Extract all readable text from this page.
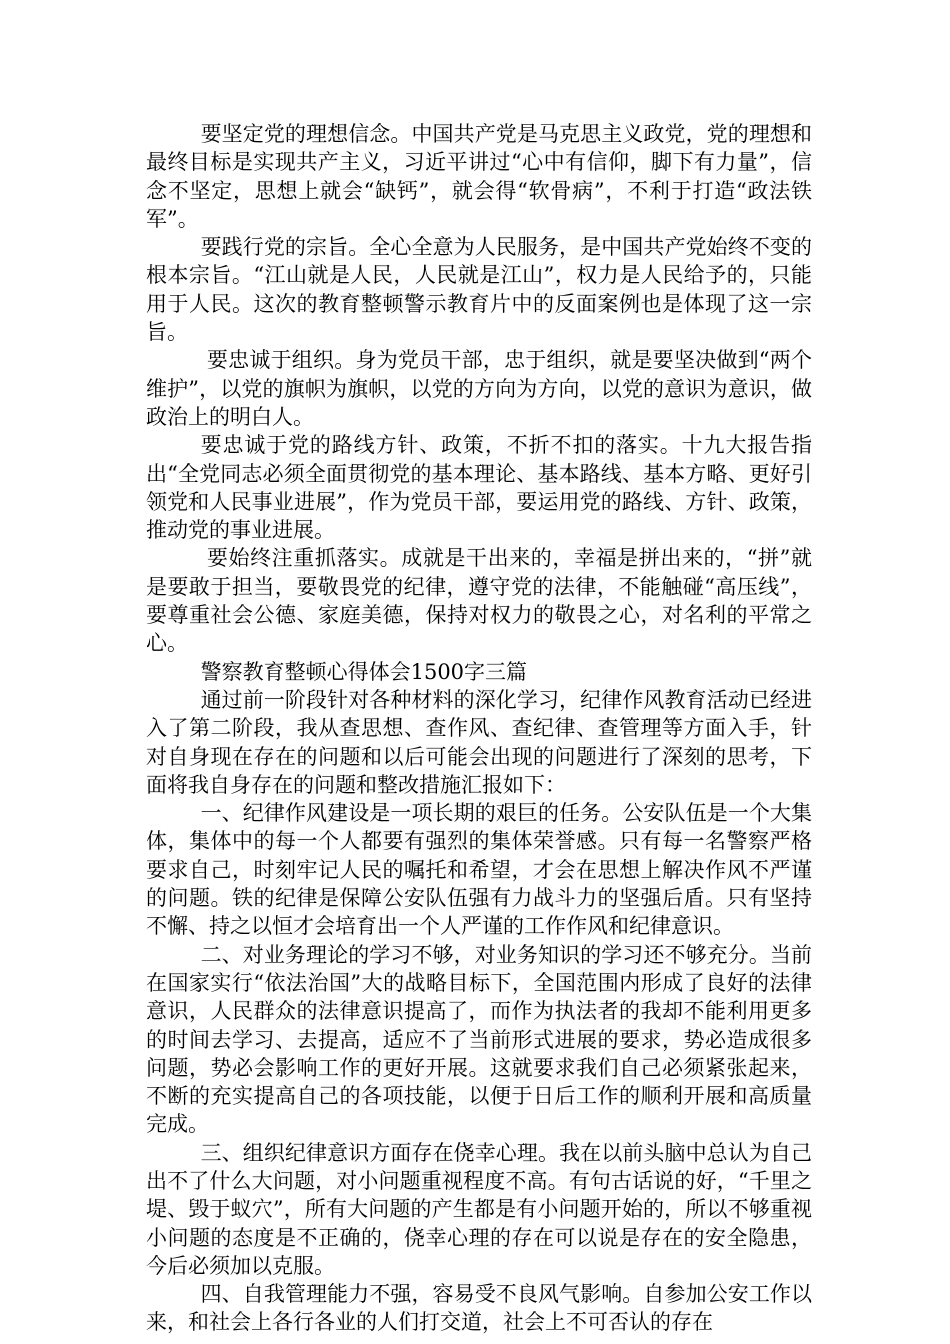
要坚定党的理想信念。中国共产党是马克思主义政党，党的理想和最终目标是实现共产主义，习近平讲过“心中有信仰，脚下有力量”，信念不坚定，思想上就会“缺钙”，就会得“软骨病”，不利于打造“政法铁军”。

要践行党的宗旨。全心全意为人民服务，是中国共产党始终不变的根本宗旨。“江山就是人民，人民就是江山”，权力是人民给予的，只能用于人民。这次的教育整顿警示教育片中的反面案例也是体现了这一宗旨。

要忠诚于组织。身为党员干部，忠于组织，就是要坚决做到“两个维护”，以党的旗帜为旗帜，以党的方向为方向，以党的意识为意识，做政治上的明白人。

要忠诚于党的路线方针、政策，不折不扣的落实。十九大报告指出“全党同志必须全面贯彻党的基本理论、基本路线、基本方略、更好引领党和人民事业进展”，作为党员干部，要运用党的路线、方针、政策，推动党的事业进展。

要始终注重抓落实。成就是干出来的，幸福是拼出来的，“拼”就是要敢于担当，要敬畏党的纪律，遵守党的法律，不能触碰“高压线”，要尊重社会公德、家庭美德，保持对权力的敬畏之心，对名利的平常之心。

警察教育整顿心得体会1500字三篇

通过前一阶段针对各种材料的深化学习，纪律作风教育活动已经进入了第二阶段，我从查思想、查作风、查纪律、查管理等方面入手，针对自身现在存在的问题和以后可能会出现的问题进行了深刻的思考，下面将我自身存在的问题和整改措施汇报如下：

一、纪律作风建设是一项长期的艰巨的任务。公安队伍是一个大集体，集体中的每一个人都要有强烈的集体荣誉感。只有每一名警察严格要求自己，时刻牢记人民的嘱托和希望，才会在思想上解决作风不严谨的问题。铁的纪律是保障公安队伍强有力战斗力的坚强后盾。只有坚持不懈、持之以恒才会培育出一个人严谨的工作作风和纪律意识。

二、对业务理论的学习不够，对业务知识的学习还不够充分。当前在国家实行“依法治国”大的战略目标下，全国范围内形成了良好的法律意识，人民群众的法律意识提高了，而作为执法者的我却不能利用更多的时间去学习、去提高，适应不了当前形式进展的要求，势必造成很多问题，势必会影响工作的更好开展。这就要求我们自己必须紧张起来，不断的充实提高自己的各项技能，以便于日后工作的顺利开展和高质量完成。

三、组织纪律意识方面存在侥幸心理。我在以前头脑中总认为自己出不了什么大问题，对小问题重视程度不高。有句古话说的好，“千里之堤、毁于蚁穴”，所有大问题的产生都是有小问题开始的，所以不够重视小问题的态度是不正确的，侥幸心理的存在可以说是存在的安全隐患，今后必须加以克服。

四、自我管理能力不强，容易受不良风气影响。自参加公安工作以来，和社会上各行各业的人们打交道，社会上不可否认的存在
